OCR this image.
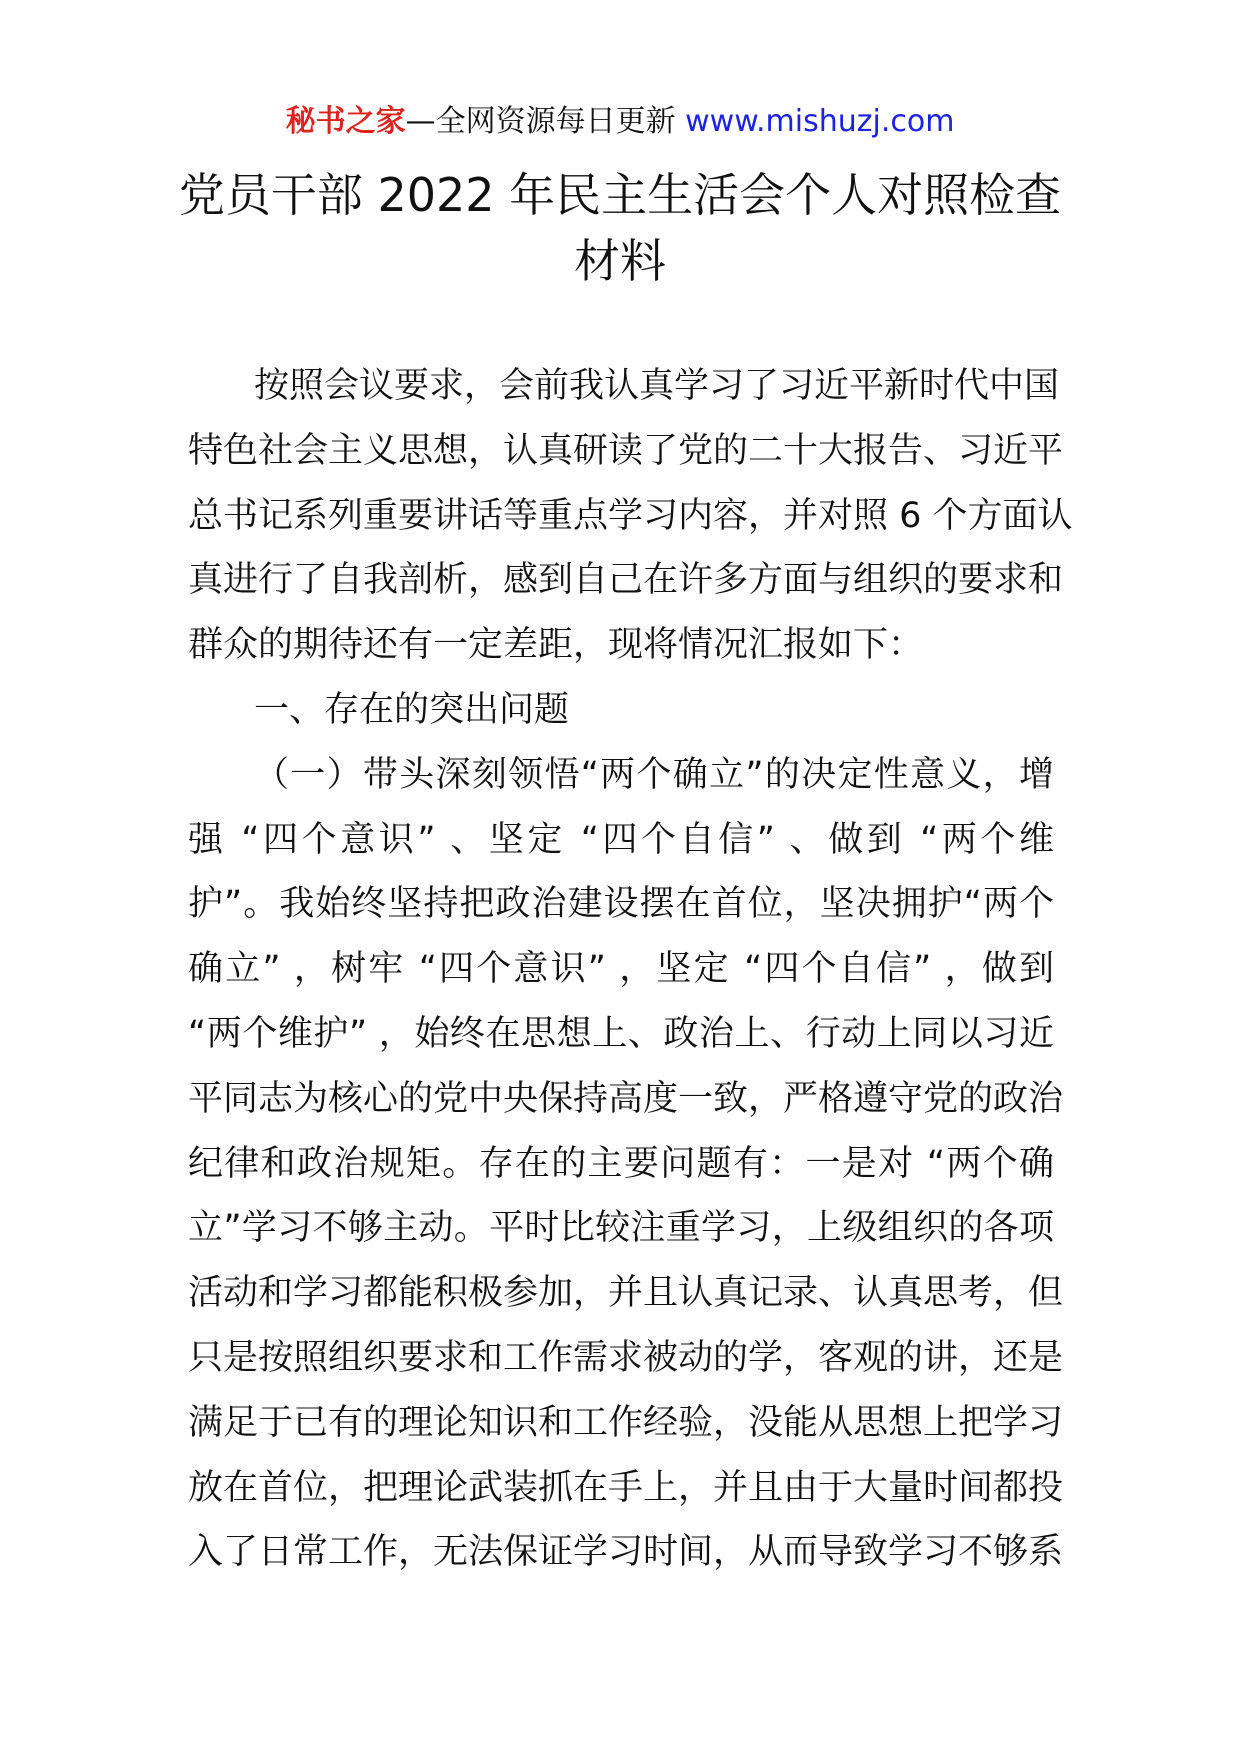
秘书之家—全网资源每日更新 www.mishuzj.com
党员干部 2022 年民主生活会个人对照检查
材料
按照会议要求，会前我认真学习了习近平新时代中国
特色社会主义思想，认真研读了党的二十大报告、习近平
总书记系列重要讲话等重点学习内容，并对照 6 个方面认
真进行了自我剖析，感到自己在许多方面与组织的要求和
群众的期待还有一定差距，现将情况汇报如下：
一、存在的突出问题
（一）带头深刻领悟“两个确立”的决定性意义，增
强 “四个意识” 、坚定 “四个自信” 、做到 “两个维
护”。我始终坚持把政治建设摆在首位，坚决拥护“两个
确立” ，树牢 “四个意识” ，坚定 “四个自信” ，做到
“两个维护” ，始终在思想上、政治上、行动上同以习近
平同志为核心的党中央保持高度一致，严格遵守党的政治
纪律和政治规矩。存在的主要问题有：一是对 “两个确
立”学习不够主动。平时比较注重学习，上级组织的各项
活动和学习都能积极参加，并且认真记录、认真思考，但
只是按照组织要求和工作需求被动的学，客观的讲，还是
满足于已有的理论知识和工作经验，没能从思想上把学习
放在首位，把理论武装抓在手上，并且由于大量时间都投
入了日常工作，无法保证学习时间，从而导致学习不够系
